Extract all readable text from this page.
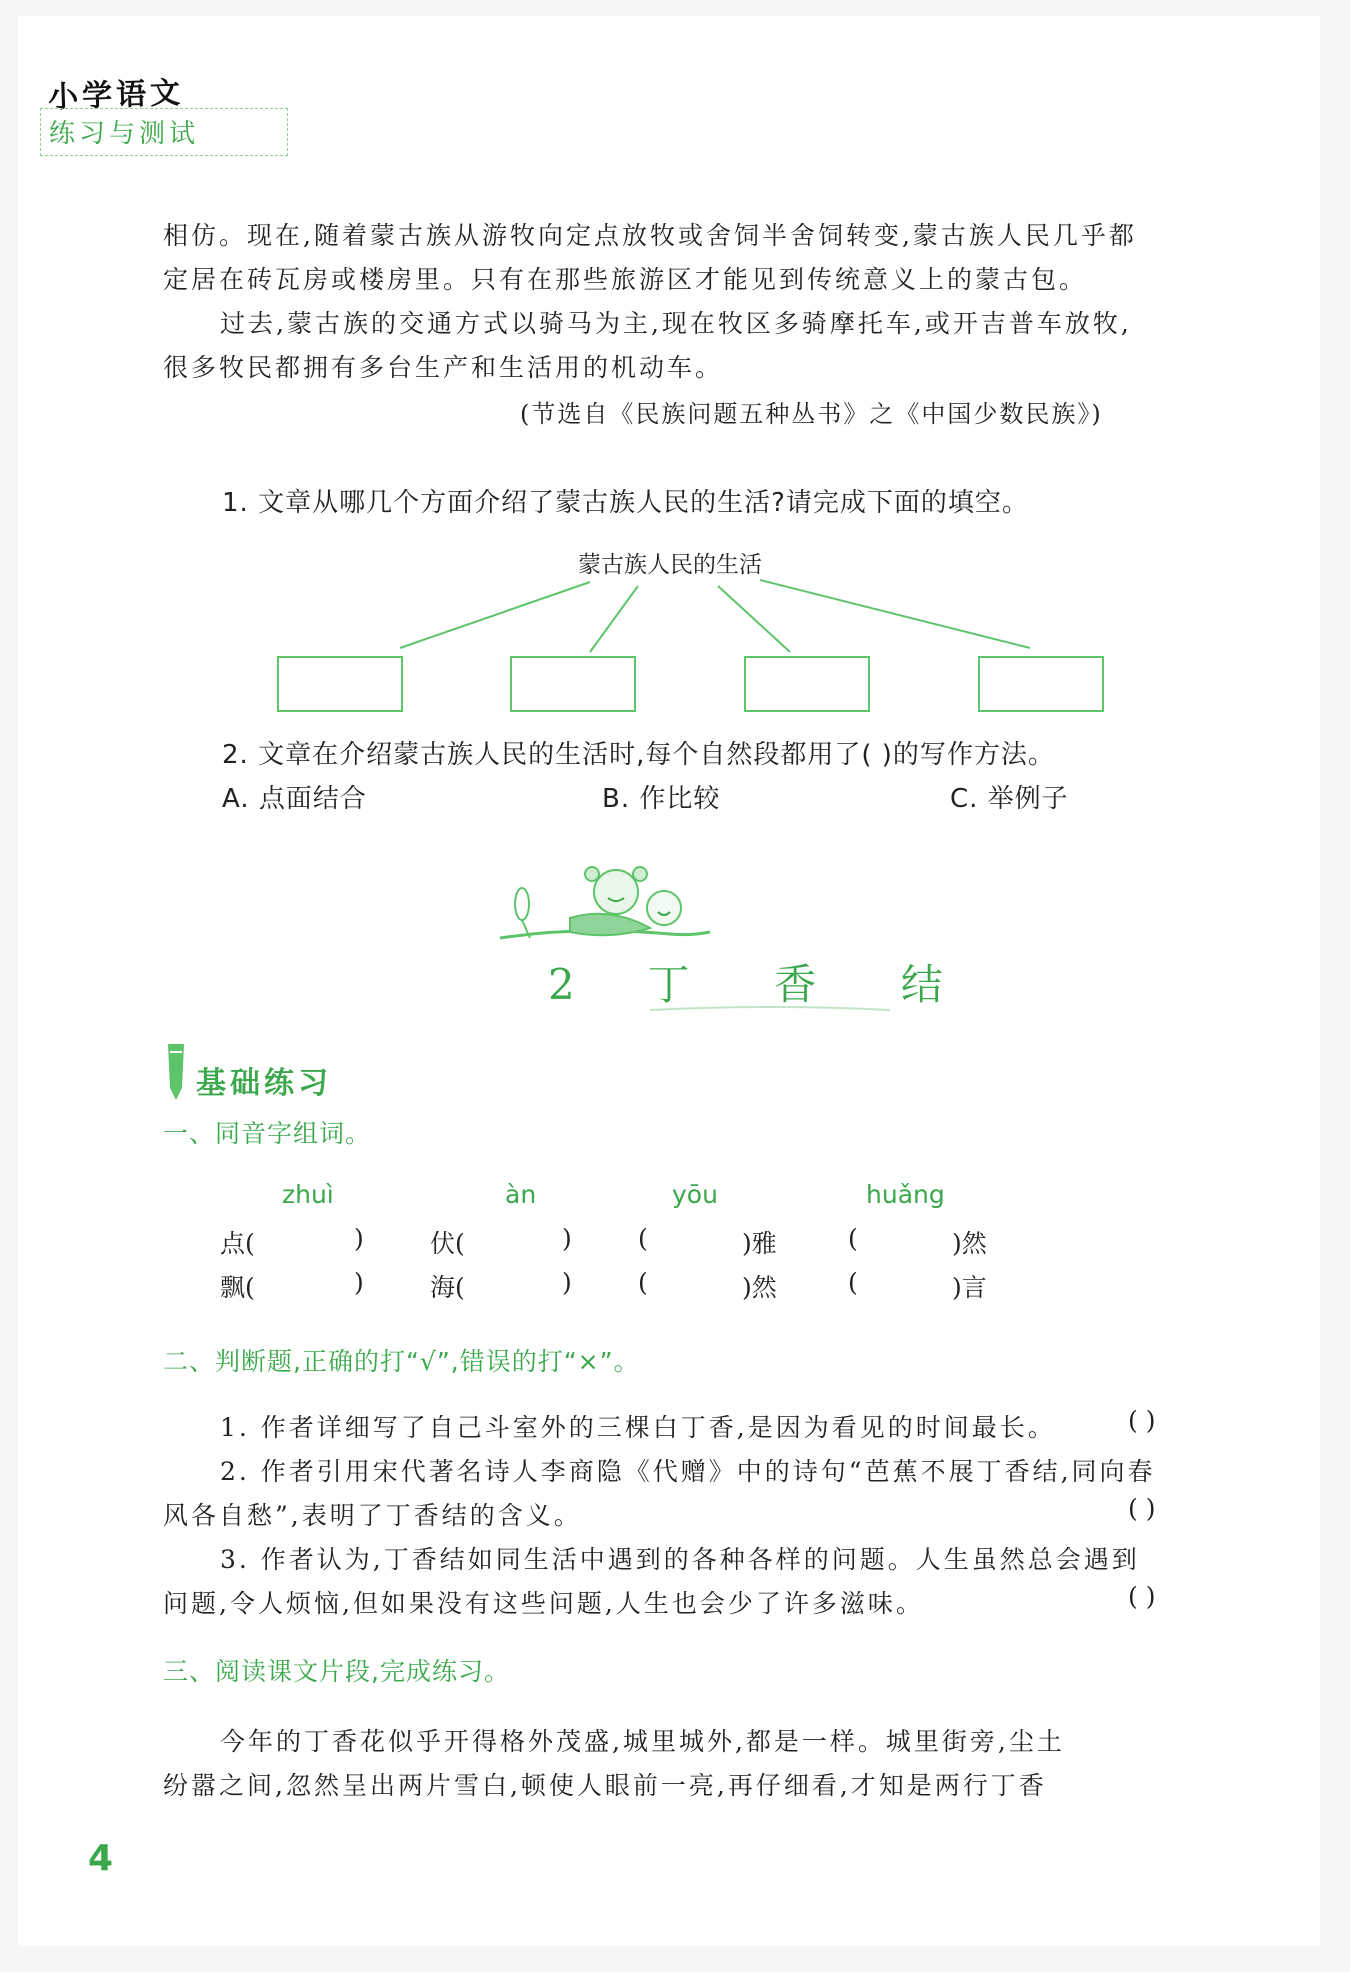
小学语文
练习与测试
相仿。现在,随着蒙古族从游牧向定点放牧或舍饲半舍饲转变,蒙古族人民几乎都
定居在砖瓦房或楼房里。只有在那些旅游区才能见到传统意义上的蒙古包。
过去,蒙古族的交通方式以骑马为主,现在牧区多骑摩托车,或开吉普车放牧,
很多牧民都拥有多台生产和生活用的机动车。
(节选自《民族问题五种丛书》之《中国少数民族》)
1. 文章从哪几个方面介绍了蒙古族人民的生活?请完成下面的填空。
蒙古族人民的生活
2. 文章在介绍蒙古族人民的生活时,每个自然段都用了( )的写作方法。
A. 点面结合	B. 作比较	C. 举例子
2 丁 香 结
基础练习
一、同音字组词。
zhuì	àn	yōu	huǎng
点(	)	伏(	)	(	)雅	(	)然
飘(	)	海(	)	(	)然	(	)言
二、判断题,正确的打“√”,错误的打“×”。
1. 作者详细写了自己斗室外的三棵白丁香,是因为看见的时间最长。	( )
2. 作者引用宋代著名诗人李商隐《代赠》中的诗句“芭蕉不展丁香结,同向春
风各自愁”,表明了丁香结的含义。	( )
3. 作者认为,丁香结如同生活中遇到的各种各样的问题。人生虽然总会遇到
问题,令人烦恼,但如果没有这些问题,人生也会少了许多滋味。	( )
三、阅读课文片段,完成练习。
今年的丁香花似乎开得格外茂盛,城里城外,都是一样。城里街旁,尘土
纷嚣之间,忽然呈出两片雪白,顿使人眼前一亮,再仔细看,才知是两行丁香
4
